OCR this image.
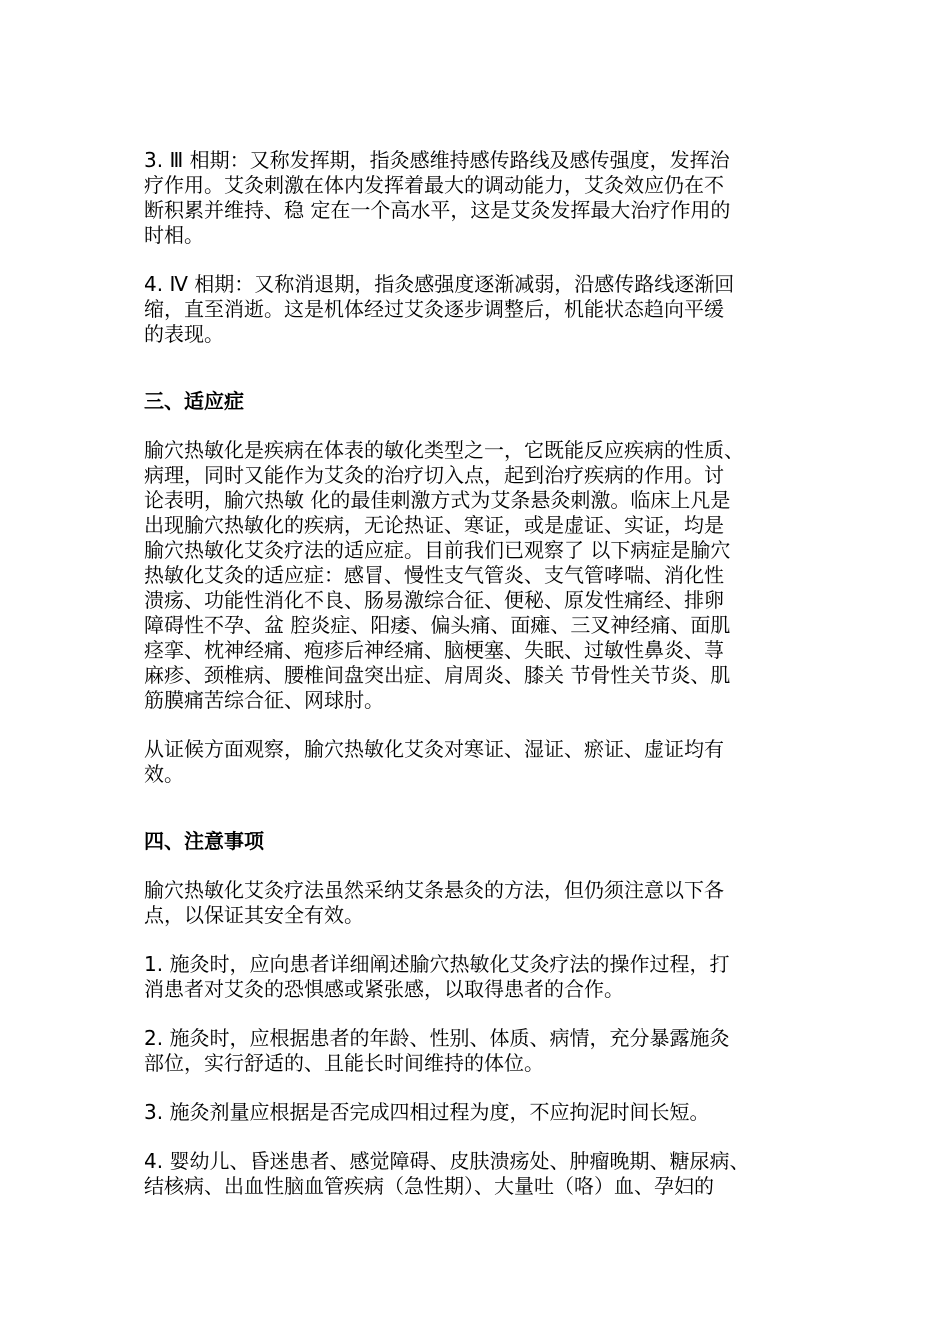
3. Ⅲ 相期：又称发挥期，指灸感维持感传路线及感传强度，发挥治
疗作用。艾灸刺激在体内发挥着最大的调动能力，艾灸效应仍在不
断积累并维持、稳 定在一个高水平，这是艾灸发挥最大治疗作用的
时相。

4. Ⅳ 相期：又称消退期，指灸感强度逐渐减弱，沿感传路线逐渐回
缩，直至消逝。这是机体经过艾灸逐步调整后，机能状态趋向平缓
的表现。

三、适应症

腧穴热敏化是疾病在体表的敏化类型之一，它既能反应疾病的性质、
病理，同时又能作为艾灸的治疗切入点，起到治疗疾病的作用。讨
论表明，腧穴热敏 化的最佳刺激方式为艾条悬灸刺激。临床上凡是
出现腧穴热敏化的疾病，无论热证、寒证，或是虚证、实证，均是
腧穴热敏化艾灸疗法的适应症。目前我们已观察了 以下病症是腧穴
热敏化艾灸的适应症：感冒、慢性支气管炎、支气管哮喘、消化性
溃疡、功能性消化不良、肠易激综合征、便秘、原发性痛经、排卵
障碍性不孕、盆 腔炎症、阳痿、偏头痛、面瘫、三叉神经痛、面肌
痉挛、枕神经痛、疱疹后神经痛、脑梗塞、失眠、过敏性鼻炎、荨
麻疹、颈椎病、腰椎间盘突出症、肩周炎、膝关 节骨性关节炎、肌
筋膜痛苦综合征、网球肘。

从证候方面观察，腧穴热敏化艾灸对寒证、湿证、瘀证、虚证均有
效。

四、注意事项

腧穴热敏化艾灸疗法虽然采纳艾条悬灸的方法，但仍须注意以下各
点，以保证其安全有效。

1. 施灸时，应向患者详细阐述腧穴热敏化艾灸疗法的操作过程，打
消患者对艾灸的恐惧感或紧张感，以取得患者的合作。

2. 施灸时，应根据患者的年龄、性别、体质、病情，充分暴露施灸
部位，实行舒适的、且能长时间维持的体位。

3. 施灸剂量应根据是否完成四相过程为度，不应拘泥时间长短。

4. 婴幼儿、昏迷患者、感觉障碍、皮肤溃疡处、肿瘤晚期、糖尿病、
结核病、出血性脑血管疾病（急性期）、大量吐（咯）血、孕妇的
